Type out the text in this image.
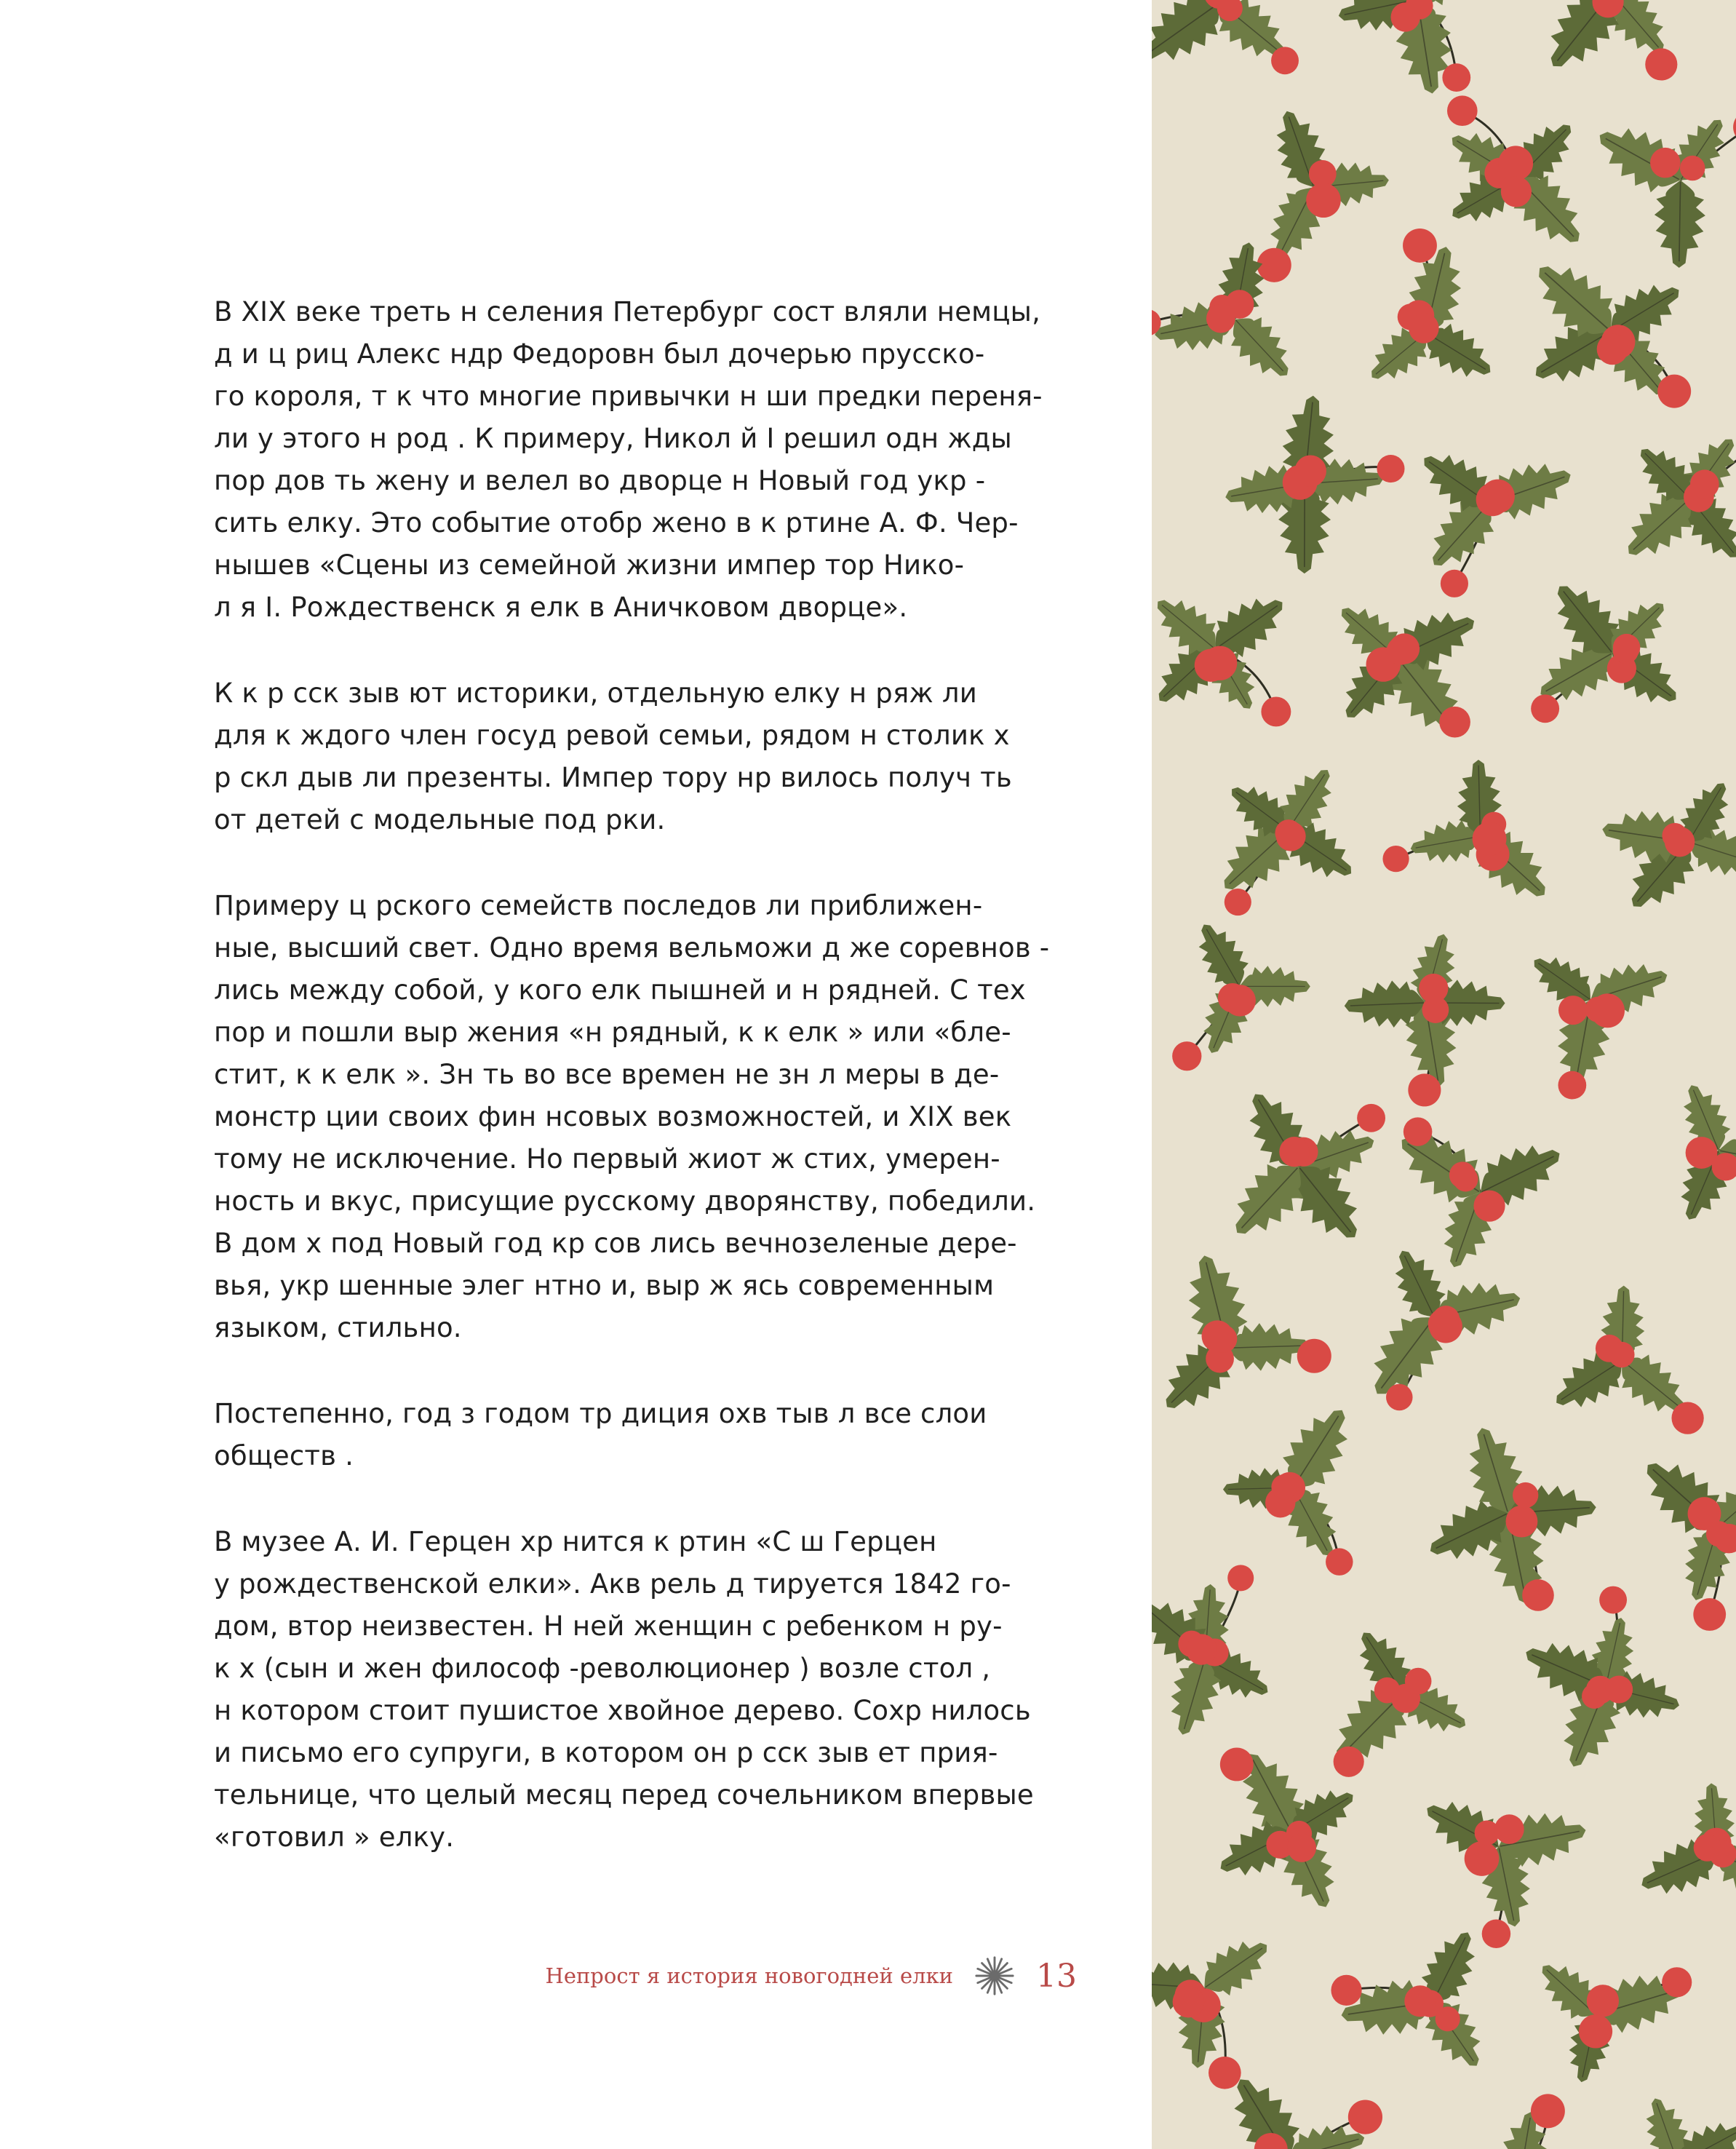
В XIX веке треть н селения Петербург сост вляли немцы,
д и ц риц Алекс ндр Федоровн был дочерью прусско-
го короля, т к что многие привычки н ши предки переня-
ли у этого н род . К примеру, Никол й I решил одн жды
пор дов ть жену и велел во дворце н Новый год укр -
сить елку. Это событие отобр жено в к ртине А. Ф. Чер-
нышев «Сцены из семейной жизни импер тор Нико-
л я I. Рождественск я елк в Аничковом дворце».

К к р сск зыв ют историки, отдельную елку н ряж ли
для к ждого член госуд ревой семьи, рядом н столик х
р скл дыв ли презенты. Импер тору нр вилось получ ть
от детей с модельные под рки.

Примеру ц рского семейств последов ли приближен-
ные, высший свет. Одно время вельможи д же соревнов -
лись между собой, у кого елк пышней и н рядней. С тех
пор и пошли выр жения «н рядный, к к елк » или «бле-
стит, к к елк ». Зн ть во все времен не зн л меры в де-
монстр ции своих фин нсовых возможностей, и XIX век
тому не исключение. Но первый жиот ж стих, умерен-
ность и вкус, присущие русскому дворянству, победили.
В дом х под Новый год кр сов лись вечнозеленые дере-
вья, укр шенные элег нтно и, выр ж ясь современным
языком, стильно.

Постепенно, год з годом тр диция охв тыв л все слои
обществ .

В музее А. И. Герцен хр нится к ртин «С ш Герцен
у рождественской елки». Акв рель д тируется 1842 го-
дом, втор неизвестен. Н ней женщин с ребенком н ру-
к х (сын и жен философ -революционер ) возле стол ,
н котором стоит пушистое хвойное дерево. Сохр нилось
и письмо его супруги, в котором он р сск зыв ет прия-
тельнице, что целый месяц перед сочельником впервые
«готовил » елку.

Непрост я история новогодней елки	13
